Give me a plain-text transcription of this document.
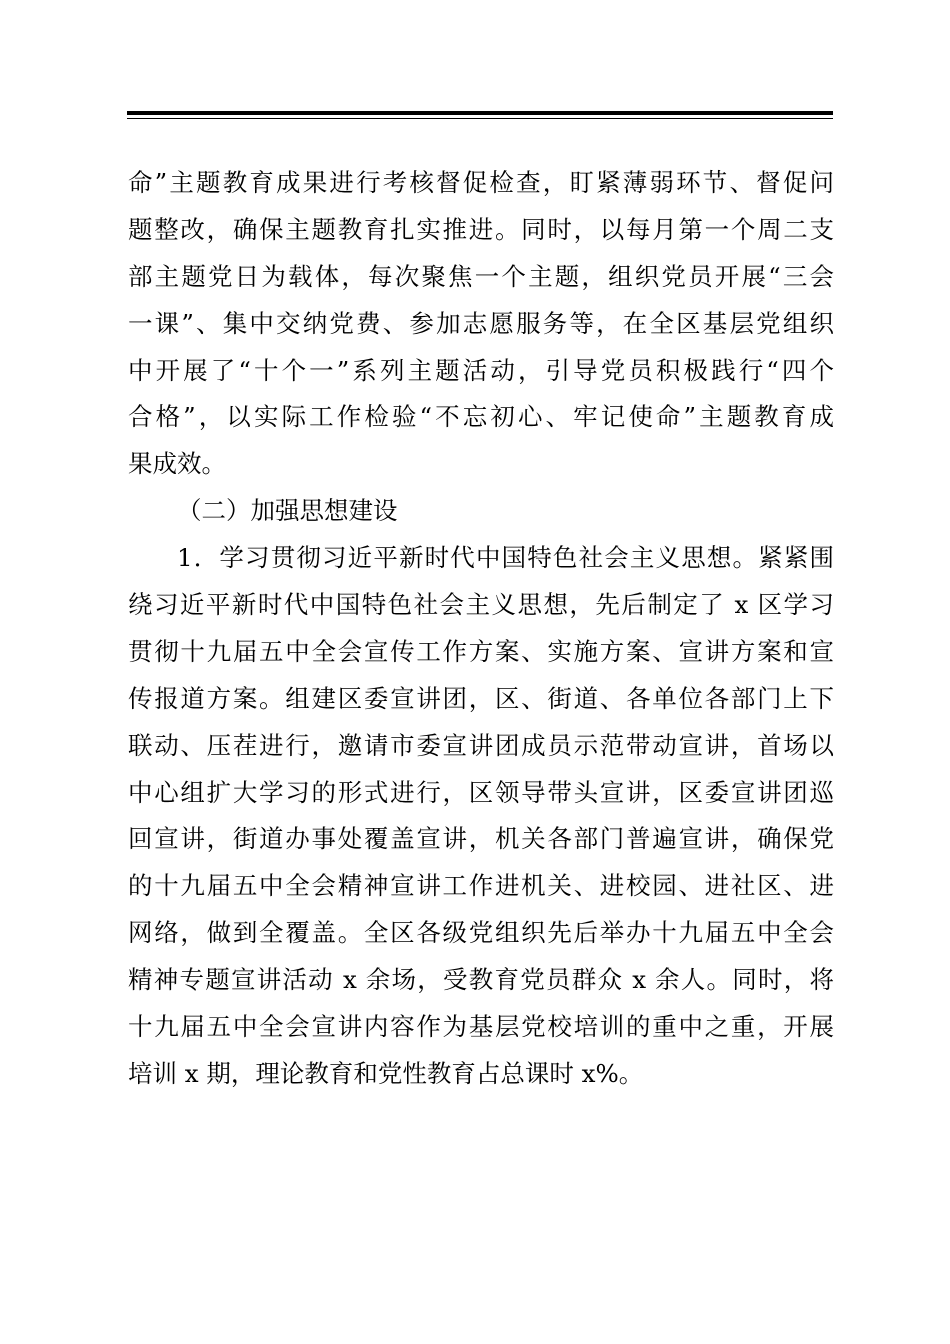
命”主题教育成果进行考核督促检查，盯紧薄弱环节、督促问
题整改，确保主题教育扎实推进。同时，以每月第一个周二支
部主题党日为载体，每次聚焦一个主题，组织党员开展“三会
一课”、集中交纳党费、参加志愿服务等，在全区基层党组织
中开展了“十个一”系列主题活动，引导党员积极践行“四个
合格”，以实际工作检验“不忘初心、牢记使命”主题教育成
果成效。
（二）加强思想建设
1．学习贯彻习近平新时代中国特色社会主义思想。紧紧围
绕习近平新时代中国特色社会主义思想，先后制定了 x 区学习
贯彻十九届五中全会宣传工作方案、实施方案、宣讲方案和宣
传报道方案。组建区委宣讲团，区、街道、各单位各部门上下
联动、压茬进行，邀请市委宣讲团成员示范带动宣讲，首场以
中心组扩大学习的形式进行，区领导带头宣讲，区委宣讲团巡
回宣讲，街道办事处覆盖宣讲，机关各部门普遍宣讲，确保党
的十九届五中全会精神宣讲工作进机关、进校园、进社区、进
网络，做到全覆盖。全区各级党组织先后举办十九届五中全会
精神专题宣讲活动 x 余场，受教育党员群众 x 余人。同时，将
十九届五中全会宣讲内容作为基层党校培训的重中之重，开展
培训 x 期，理论教育和党性教育占总课时 x%。
